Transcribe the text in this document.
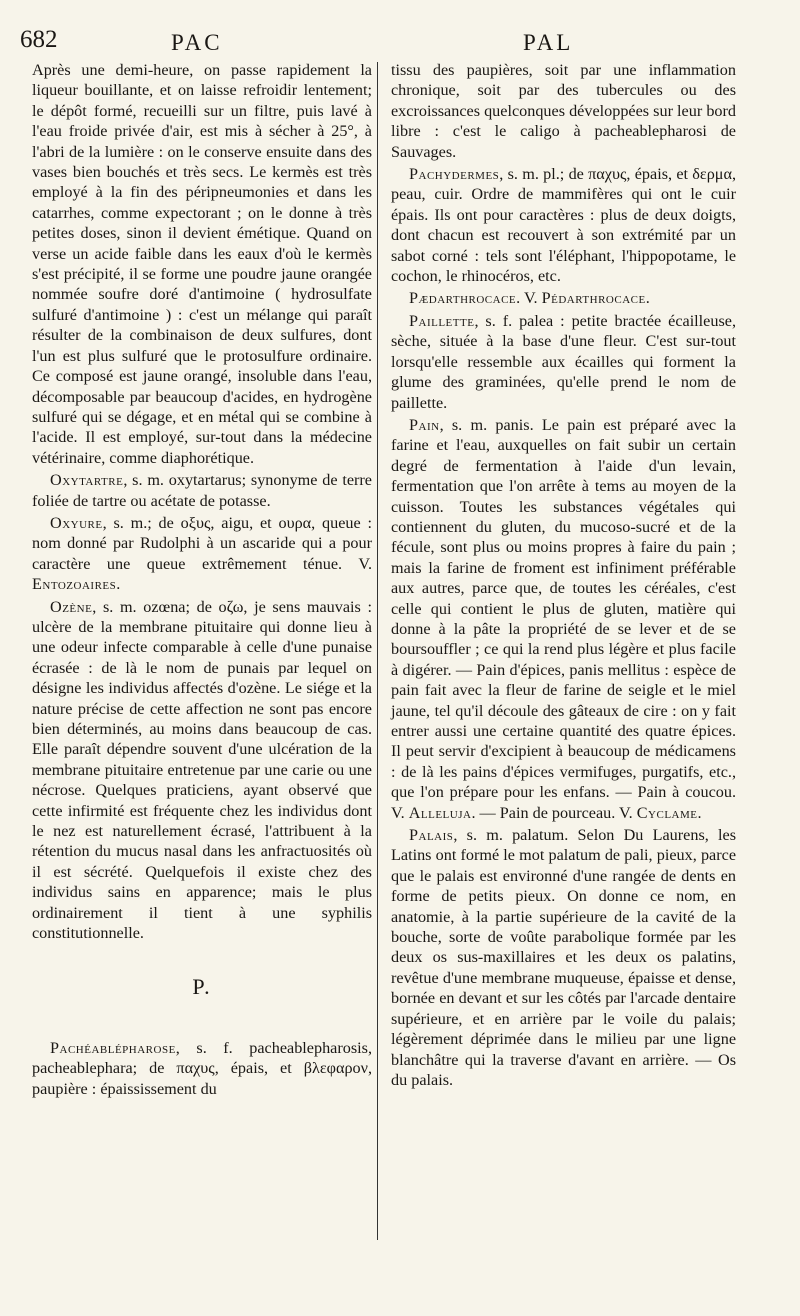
682	PAC	PAL

Après une demi-heure, on passe rapidement la liqueur bouillante, et on laisse refroidir lentement; le dépôt formé, recueilli sur un filtre, puis lavé à l'eau froide privée d'air, est mis à sécher à 25°, à l'abri de la lumière : on le conserve ensuite dans des vases bien bouchés et très secs. Le kermès est très employé à la fin des péripneumonies et dans les catarrhes, comme expectorant ; on le donne à très petites doses, sinon il devient émétique. Quand on verse un acide faible dans les eaux d'où le kermès s'est précipité, il se forme une poudre jaune orangée nommée soufre doré d'antimoine ( hydrosulfate sulfuré d'antimoine ) : c'est un mélange qui paraît résulter de la combinaison de deux sulfures, dont l'un est plus sulfuré que le protosulfure ordinaire. Ce composé est jaune orangé, insoluble dans l'eau, décomposable par beaucoup d'acides, en hydrogène sulfuré qui se dégage, et en métal qui se combine à l'acide. Il est employé, sur-tout dans la médecine vétérinaire, comme diaphorétique.

Oxytartre, s. m. oxytartarus; synonyme de terre foliée de tartre ou acétate de potasse.

Oxyure, s. m.; de οξυς, aigu, et ουρα, queue : nom donné par Rudolphi à un ascaride qui a pour caractère une queue extrêmement ténue. V. Entozoaires.

Ozène, s. m. ozœna; de οζω, je sens mauvais : ulcère de la membrane pituitaire qui donne lieu à une odeur infecte comparable à celle d'une punaise écrasée : de là le nom de punais par lequel on désigne les individus affectés d'ozène. Le siége et la nature précise de cette affection ne sont pas encore bien déterminés, au moins dans beaucoup de cas. Elle paraît dépendre souvent d'une ulcération de la membrane pituitaire entretenue par une carie ou une nécrose. Quelques praticiens, ayant observé que cette infirmité est fréquente chez les individus dont le nez est naturellement écrasé, l'attribuent à la rétention du mucus nasal dans les anfractuosités où il est sécrété. Quelquefois il existe chez des individus sains en apparence; mais le plus ordinairement il tient à une syphilis constitutionnelle.

P.

Pachéablépharose, s. f. pacheablepharosis, pacheablephara; de παχυς, épais, et βλεφαρον, paupière : épaississement du

tissu des paupières, soit par une inflammation chronique, soit par des tubercules ou des excroissances quelconques développées sur leur bord libre : c'est le caligo à pacheablepharosi de Sauvages.

Pachydermes, s. m. pl.; de παχυς, épais, et δερμα, peau, cuir. Ordre de mammifères qui ont le cuir épais. Ils ont pour caractères : plus de deux doigts, dont chacun est recouvert à son extrémité par un sabot corné : tels sont l'éléphant, l'hippopotame, le cochon, le rhinocéros, etc.

Pædarthrocace. V. Pédarthrocace.

Paillette, s. f. palea : petite bractée écailleuse, sèche, située à la base d'une fleur. C'est sur-tout lorsqu'elle ressemble aux écailles qui forment la glume des graminées, qu'elle prend le nom de paillette.

Pain, s. m. panis. Le pain est préparé avec la farine et l'eau, auxquelles on fait subir un certain degré de fermentation à l'aide d'un levain, fermentation que l'on arrête à tems au moyen de la cuisson. Toutes les substances végétales qui contiennent du gluten, du mucoso-sucré et de la fécule, sont plus ou moins propres à faire du pain ; mais la farine de froment est infiniment préférable aux autres, parce que, de toutes les céréales, c'est celle qui contient le plus de gluten, matière qui donne à la pâte la propriété de se lever et de se boursouffler ; ce qui la rend plus légère et plus facile à digérer. — Pain d'épices, panis mellitus : espèce de pain fait avec la fleur de farine de seigle et le miel jaune, tel qu'il découle des gâteaux de cire : on y fait entrer aussi une certaine quantité des quatre épices. Il peut servir d'excipient à beaucoup de médicamens : de là les pains d'épices vermifuges, purgatifs, etc., que l'on prépare pour les enfans. — Pain à coucou. V. Alleluja. — Pain de pourceau. V. Cyclame.

Palais, s. m. palatum. Selon Du Laurens, les Latins ont formé le mot palatum de pali, pieux, parce que le palais est environné d'une rangée de dents en forme de petits pieux. On donne ce nom, en anatomie, à la partie supérieure de la cavité de la bouche, sorte de voûte parabolique formée par les deux os sus-maxillaires et les deux os palatins, revêtue d'une membrane muqueuse, épaisse et dense, bornée en devant et sur les côtés par l'arcade dentaire supérieure, et en arrière par le voile du palais; légèrement déprimée dans le milieu par une ligne blanchâtre qui la traverse d'avant en arrière. — Os du palais.
